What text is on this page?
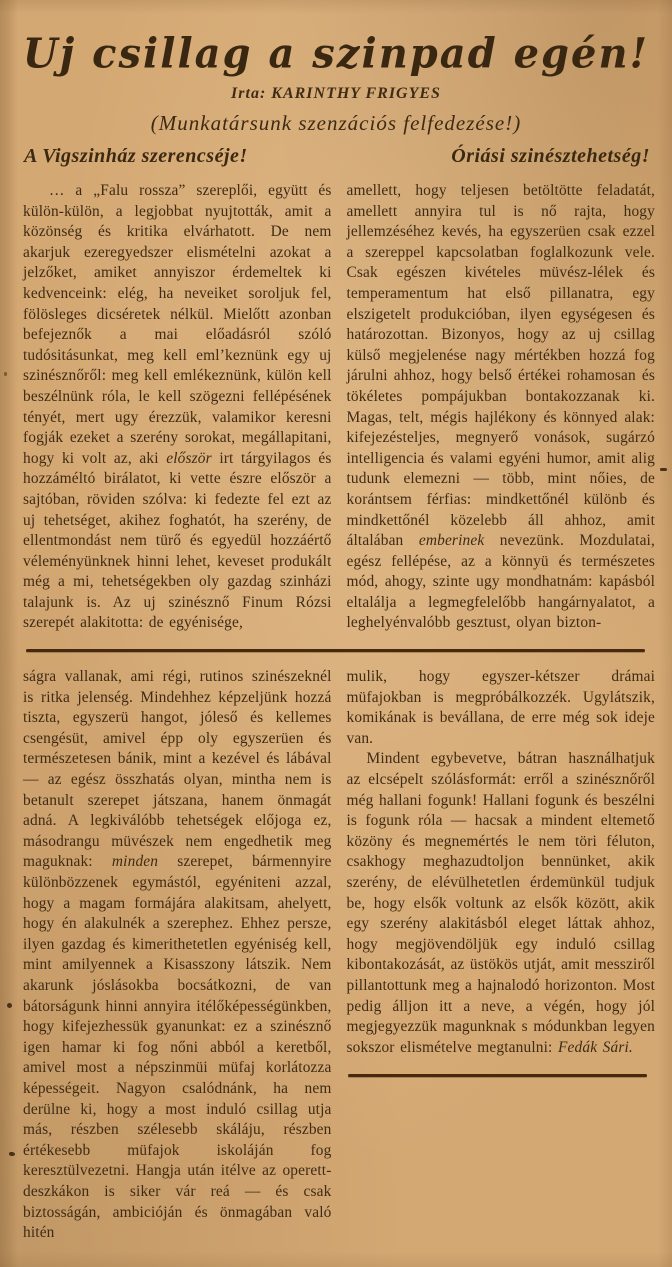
Uj csillag a szinpad egén!
Irta: KARINTHY FRIGYES
(Munkatársunk szenzációs felfedezése!)
A Vigszinház szerencséje!	Óriási szinésztehetség!

… a „Falu rossza” szereplői, együtt és külön-külön, a legjobbat nyujtották, amit a közönség és kritika elvárhatott. De nem akarjuk ezeregyedszer elismételni azokat a jelzőket, amiket annyiszor érdemeltek ki kedvenceink: elég, ha neveiket soroljuk fel, fölösleges dicséretek nélkül. Mielőtt azonban befejeznők a mai előadásról szóló tudósitásunkat, meg kell eml’keznünk egy uj szinésznőről: meg kell emlékeznünk, külön kell beszélnünk róla, le kell szögezni fellépésének tényét, mert ugy érezzük, valamikor keresni fogják ezeket a szerény sorokat, megállapitani, hogy ki volt az, aki először irt tárgyilagos és hozzáméltó birálatot, ki vette észre először a sajtóban, röviden szólva: ki fedezte fel ezt az uj tehetséget, akihez foghatót, ha szerény, de ellentmondást nem türő és egyedül hozzáértő véleményünknek hinni lehet, keveset produkált még a mi, tehetségekben oly gazdag szinházi talajunk is. Az uj szinésznő Finum Rózsi szerepét alakitotta: de egyénisége,

amellett, hogy teljesen betöltötte feladatát, amellett annyira tul is nő rajta, hogy jellemzéséhez kevés, ha egyszerüen csak ezzel a szereppel kapcsolatban foglalkozunk vele. Csak egészen kivételes müvész-lélek és temperamentum hat első pillanatra, egy elszigetelt produkcióban, ilyen egységesen és határozottan. Bizonyos, hogy az uj csillag külső megjelenése nagy mértékben hozzá fog járulni ahhoz, hogy belső értékei rohamosan és tökéletes pompájukban bontakozzanak ki. Magas, telt, mégis hajlékony és könnyed alak: kifejezésteljes, megnyerő vonások, sugárzó intelligencia és valami egyéni humor, amit alig tudunk elemezni — több, mint nőies, de korántsem férfias: mindkettőnél különb és mindkettőnél közelebb áll ahhoz, amit általában emberinek nevezünk. Mozdulatai, egész fellépése, az a könnyü és természetes mód, ahogy, szinte ugy mondhatnám: kapásból eltalálja a legmegfelelőbb hangárnyalatot, a leghelyénvalóbb gesztust, olyan bizton-

ságra vallanak, ami régi, rutinos szinészeknél is ritka jelenség. Mindehhez képzeljünk hozzá tiszta, egyszerü hangot, jóleső és kellemes csengésüt, amivel épp oly egyszerüen és természetesen bánik, mint a kezével és lábával — az egész összhatás olyan, mintha nem is betanult szerepet játszana, hanem önmagát adná. A legkiválóbb tehetségek előjoga ez, másodrangu müvészek nem engedhetik meg maguknak: minden szerepet, bármennyire különbözzenek egymástól, egyéniteni azzal, hogy a magam formájára alakitsam, ahelyett, hogy én alakulnék a szerephez. Ehhez persze, ilyen gazdag és kimerithetetlen egyéniség kell, mint amilyennek a Kisasszony látszik. Nem akarunk jóslásokba bocsátkozni, de van bátorságunk hinni annyira itélőképességünkben, hogy kifejezhessük gyanunkat: ez a szinésznő igen hamar ki fog nőni abból a keretből, amivel most a népszinmüi müfaj korlátozza képességeit. Nagyon csalódnánk, ha nem derülne ki, hogy a most induló csillag utja más, részben szélesebb skáláju, részben értékesebb müfajok iskoláján fog keresztülvezetni. Hangja után itélve az operett-deszkákon is siker vár reá — és csak biztosságán, ambicióján és önmagában való hitén

mulik, hogy egyszer-kétszer drámai müfajokban is megpróbálkozzék. Ugylátszik, komikának is bevállana, de erre még sok ideje van.

Mindent egybevetve, bátran használhatjuk az elcsépelt szólásformát: erről a szinésznőről még hallani fogunk! Hallani fogunk és beszélni is fogunk róla — hacsak a mindent eltemető közöny és megnemértés le nem töri féluton, csakhogy meghazudtoljon bennünket, akik szerény, de elévülhetetlen érdemünkül tudjuk be, hogy elsők voltunk az elsők között, akik egy szerény alakitásból eleget láttak ahhoz, hogy megjövendöljük egy induló csillag kibontakozását, az üstökös utját, amit messziről pillantottunk meg a hajnalodó horizonton. Most pedig álljon itt a neve, a végén, hogy jól megjegyezzük magunknak s módunkban legyen sokszor elismételve megtanulni: Fedák Sári.
